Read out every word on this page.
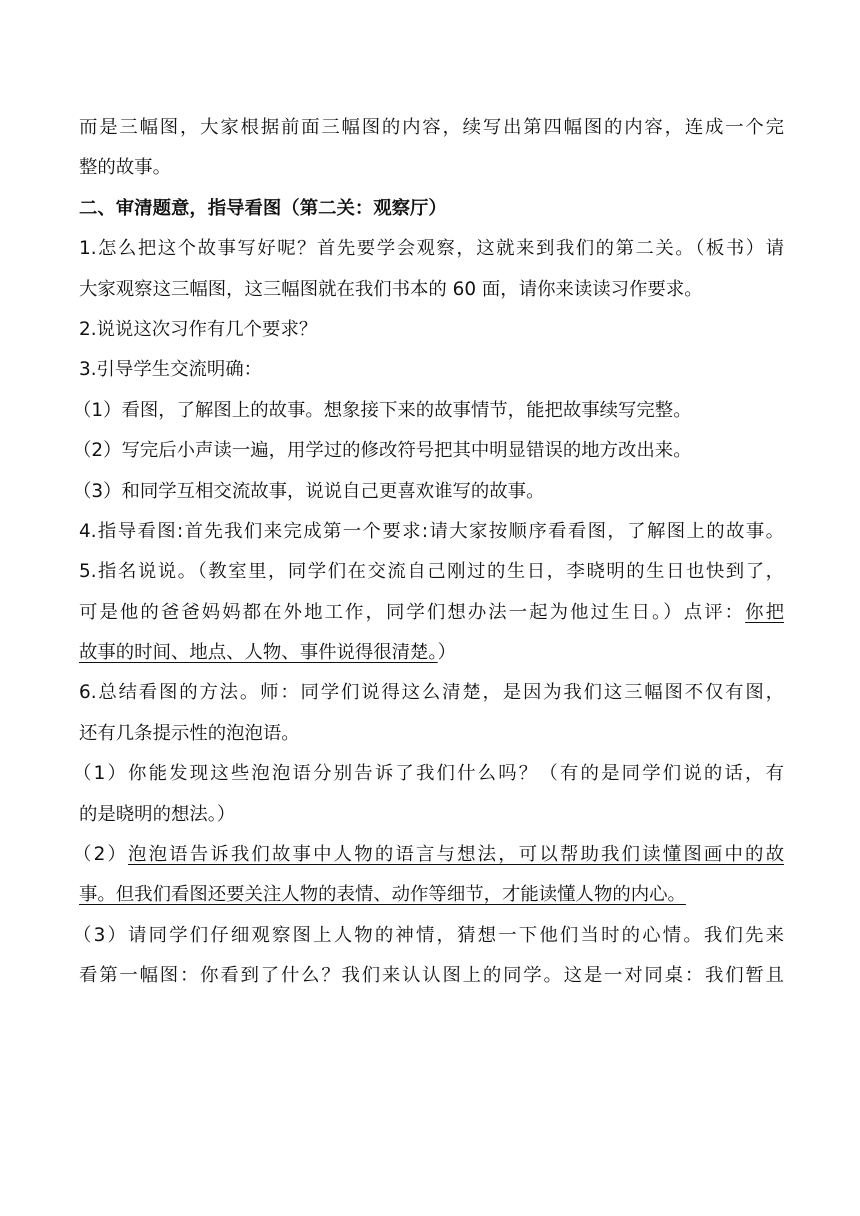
而是三幅图，大家根据前面三幅图的内容，续写出第四幅图的内容，连成一个完
整的故事。
二、审清题意，指导看图（第二关：观察厅）
1.怎么把这个故事写好呢？首先要学会观察，这就来到我们的第二关。（板书）请
大家观察这三幅图，这三幅图就在我们书本的 60 面，请你来读读习作要求。
2.说说这次习作有几个要求？
3.引导学生交流明确：
（1）看图，了解图上的故事。想象接下来的故事情节，能把故事续写完整。
（2）写完后小声读一遍，用学过的修改符号把其中明显错误的地方改出来。
（3）和同学互相交流故事，说说自己更喜欢谁写的故事。
4.指导看图:首先我们来完成第一个要求:请大家按顺序看看图，了解图上的故事。
5.指名说说。（教室里，同学们在交流自己刚过的生日，李晓明的生日也快到了，
可是他的爸爸妈妈都在外地工作，同学们想办法一起为他过生日。）点评：你把
故事的时间、地点、人物、事件说得很清楚。）
6.总结看图的方法。师：同学们说得这么清楚，是因为我们这三幅图不仅有图，
还有几条提示性的泡泡语。
（1）你能发现这些泡泡语分别告诉了我们什么吗？（有的是同学们说的话，有
的是晓明的想法。）
（2）泡泡语告诉我们故事中人物的语言与想法，可以帮助我们读懂图画中的故
事。但我们看图还要关注人物的表情、动作等细节，才能读懂人物的内心。
（3）请同学们仔细观察图上人物的神情，猜想一下他们当时的心情。我们先来
看第一幅图：你看到了什么？我们来认认图上的同学。这是一对同桌：我们暂且
